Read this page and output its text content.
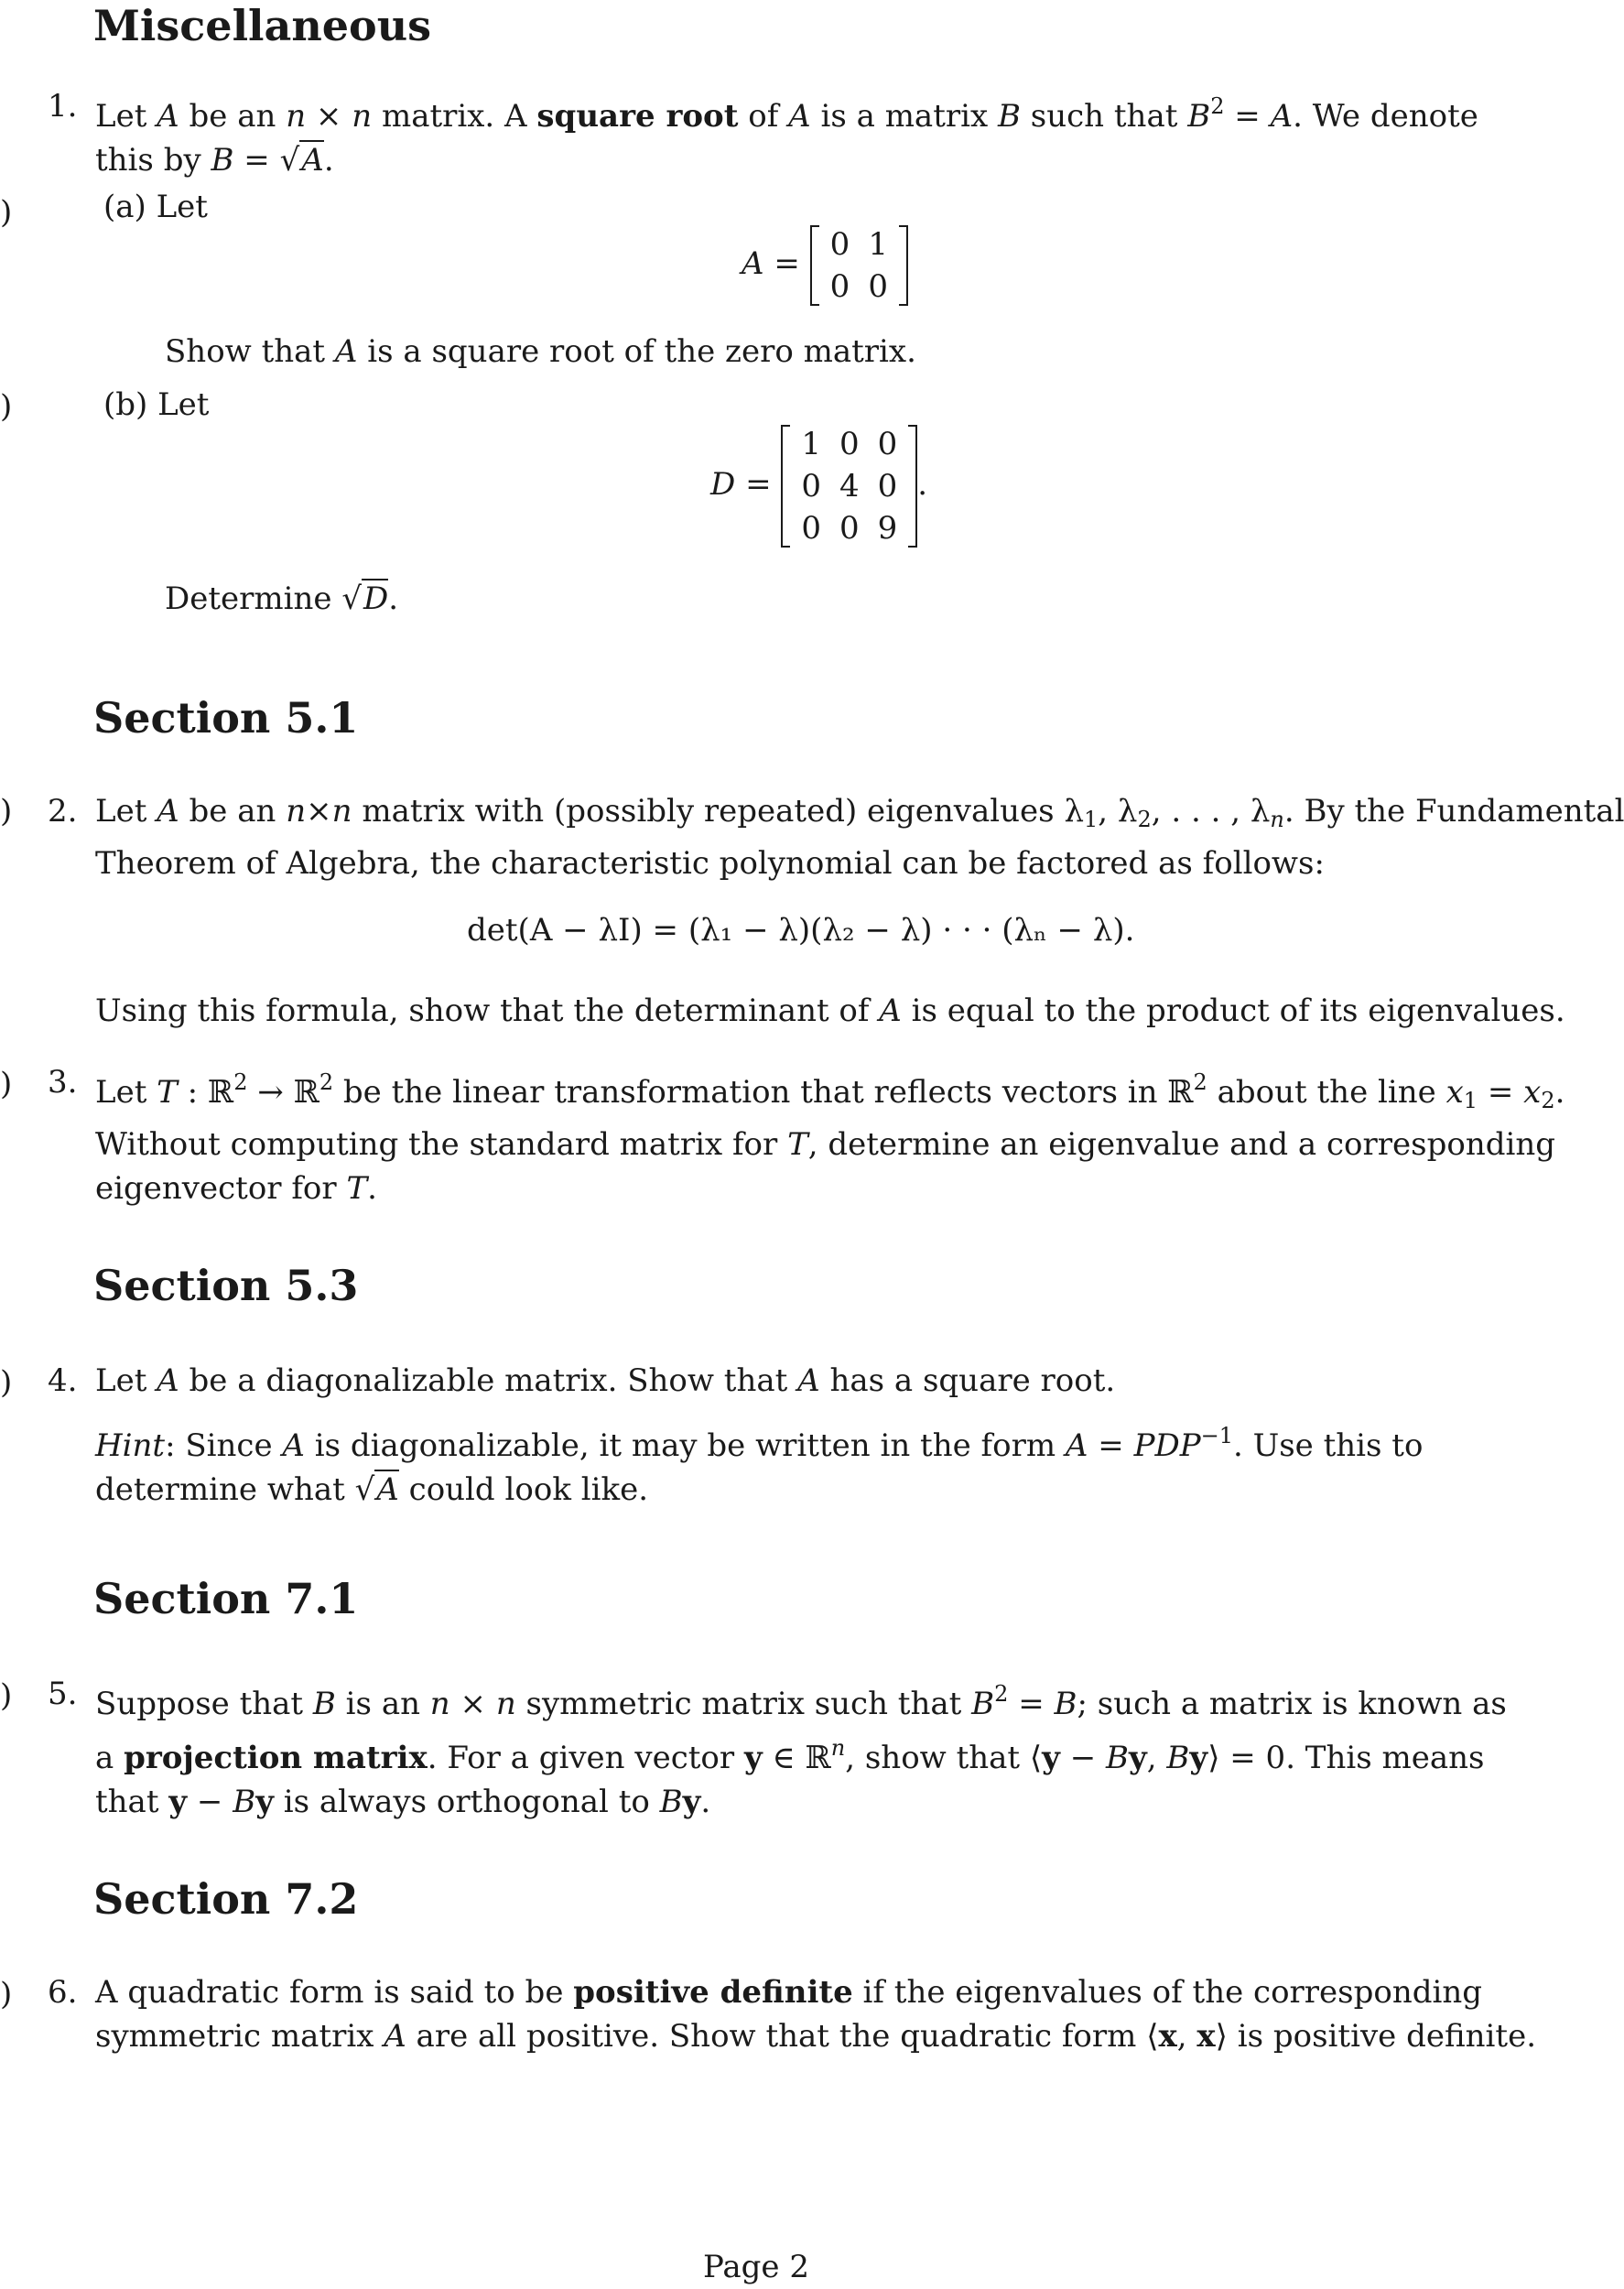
)
)
)
)
)
)
)
Miscellaneous
1. Let A be an n × n matrix. A square root of A is a matrix B such that $B^2 = A$. We denote
this by B = √A.
(a) Let
A =
0	1
0	0
Show that A is a square root of the zero matrix.
(b) Let
D =
1	0	0
0	4	0
0	0	9
.
Determine √D.
Section 5.1
2. Let A be an n×n matrix with (possibly repeated) eigenvalues $\lambda_1$, $\lambda_2$, . . . , $\lambda_n$. By the Fundamental
Theorem of Algebra, the characteristic polynomial can be factored as follows:
det(A − λI) = (λ₁ − λ)(λ₂ − λ) · · · (λₙ − λ).
Using this formula, show that the determinant of A is equal to the product of its eigenvalues.
3. Let T : ℝ$^2$ → ℝ$^2$ be the linear transformation that reflects vectors in ℝ$^2$ about the line $x_1 = x_2$.
Without computing the standard matrix for T, determine an eigenvalue and a corresponding
eigenvector for T.
Section 5.3
4. Let A be a diagonalizable matrix. Show that A has a square root.
Hint: Since A is diagonalizable, it may be written in the form $A = PDP^{-1}$. Use this to
determine what √A could look like.
Section 7.1
5. Suppose that B is an n × n symmetric matrix such that $B^2 = B$; such a matrix is known as
a projection matrix. For a given vector y ∈ ℝ$^n$, show that ⟨y − By, By⟩ = 0. This means
that y − By is always orthogonal to By.
Section 7.2
6. A quadratic form is said to be positive definite if the eigenvalues of the corresponding
symmetric matrix A are all positive. Show that the quadratic form ⟨x, x⟩ is positive definite.
Page 2
